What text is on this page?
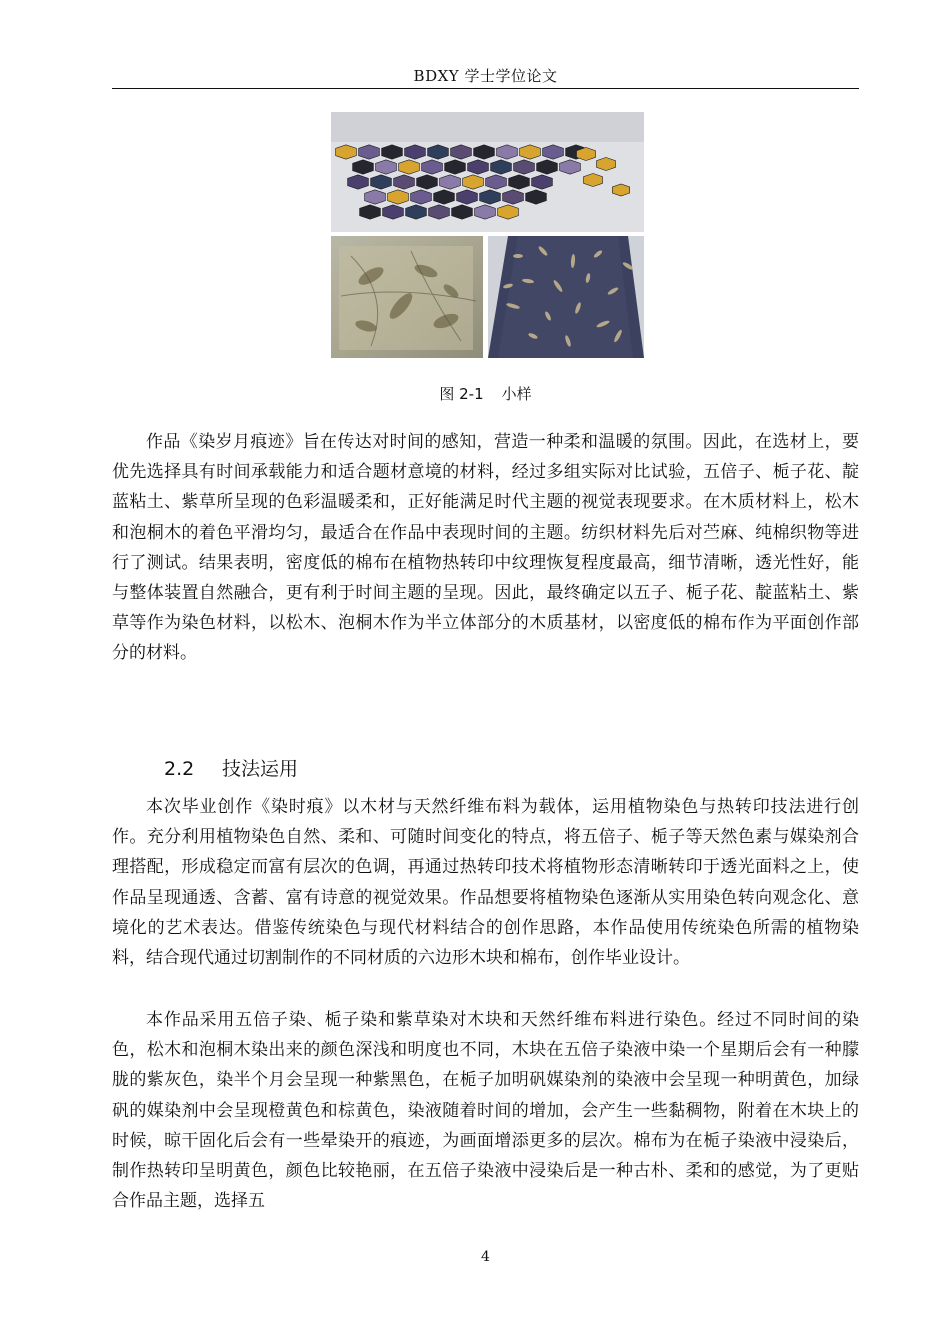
BDXY 学士学位论文
图 2-1 小样

作品《染岁月痕迹》旨在传达对时间的感知，营造一种柔和温暖的氛围。因此，在选材上，要优先选择具有时间承载能力和适合题材意境的材料，经过多组实际对比试验，五倍子、栀子花、靛蓝粘土、紫草所呈现的色彩温暖柔和，正好能满足时代主题的视觉表现要求。在木质材料上，松木和泡桐木的着色平滑均匀，最适合在作品中表现时间的主题。纺织材料先后对苎麻、纯棉织物等进行了测试。结果表明，密度低的棉布在植物热转印中纹理恢复程度最高，细节清晰，透光性好，能与整体装置自然融合，更有利于时间主题的呈现。因此，最终确定以五子、栀子花、靛蓝粘土、紫草等作为染色材料，以松木、泡桐木作为半立体部分的木质基材，以密度低的棉布作为平面创作部分的材料。

2.2 技法运用

本次毕业创作《染时痕》以木材与天然纤维布料为载体，运用植物染色与热转印技法进行创作。充分利用植物染色自然、柔和、可随时间变化的特点，将五倍子、栀子等天然色素与媒染剂合理搭配，形成稳定而富有层次的色调，再通过热转印技术将植物形态清晰转印于透光面料之上，使作品呈现通透、含蓄、富有诗意的视觉效果。作品想要将植物染色逐渐从实用染色转向观念化、意境化的艺术表达。借鉴传统染色与现代材料结合的创作思路，本作品使用传统染色所需的植物染料，结合现代通过切割制作的不同材质的六边形木块和棉布，创作毕业设计。

本作品采用五倍子染、栀子染和紫草染对木块和天然纤维布料进行染色。经过不同时间的染色，松木和泡桐木染出来的颜色深浅和明度也不同，木块在五倍子染液中染一个星期后会有一种朦胧的紫灰色，染半个月会呈现一种紫黑色，在栀子加明矾媒染剂的染液中会呈现一种明黄色，加绿矾的媒染剂中会呈现橙黄色和棕黄色，染液随着时间的增加，会产生一些黏稠物，附着在木块上的时候，晾干固化后会有一些晕染开的痕迹，为画面增添更多的层次。棉布为在栀子染液中浸染后，制作热转印呈明黄色，颜色比较艳丽，在五倍子染液中浸染后是一种古朴、柔和的感觉，为了更贴合作品主题，选择五

4
